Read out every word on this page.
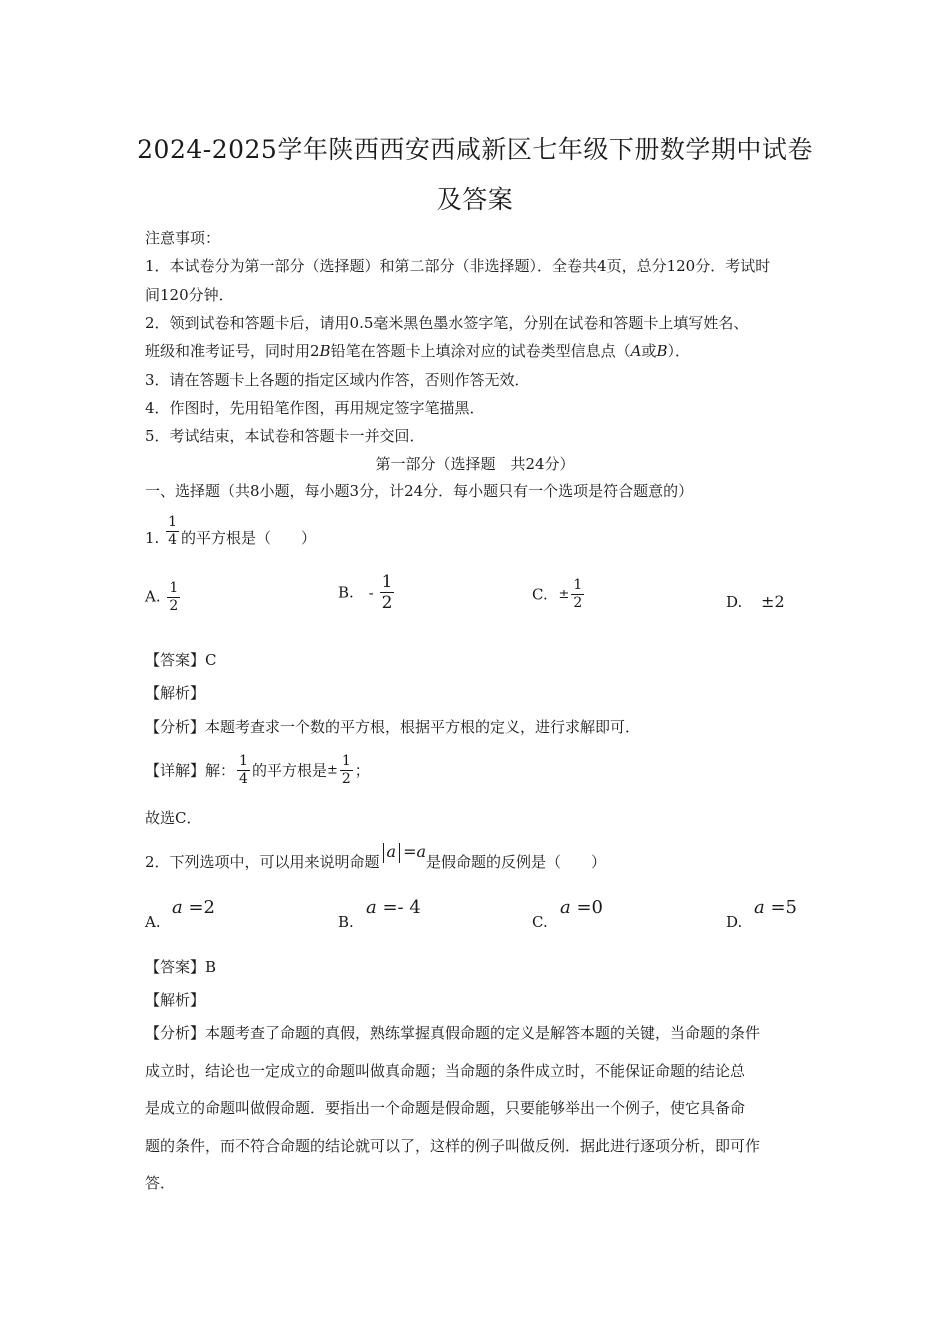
2024-2025学年陕西西安西咸新区七年级下册数学期中试卷
及答案
注意事项：
1．本试卷分为第一部分（选择题）和第二部分（非选择题）．全卷共4页，总分120分．考试时
间120分钟．
2．领到试卷和答题卡后，请用0.5毫米黑色墨水签字笔，分别在试卷和答题卡上填写姓名、
班级和准考证号，同时用2B铅笔在答题卡上填涂对应的试卷类型信息点（A或B）．
3．请在答题卡上各题的指定区域内作答，否则作答无效．
4．作图时，先用铅笔作图，再用规定签字笔描黑．
5．考试结束，本试卷和答题卡一并交回．
第一部分（选择题　共24分）
一、选择题（共8小题，每小题3分，计24分．每小题只有一个选项是符合题意的）
1. $\frac{1}{4}$ 的平方根是（　　）
A. $\frac{1}{2}$	B. - $\frac{1}{2}$	C. ± $\frac{1}{2}$	D. ±2
【答案】C
【解析】
【分析】本题考查求一个数的平方根，根据平方根的定义，进行求解即可．
【详解】解： $\frac{1}{4}$ 的平方根是± $\frac{1}{2}$ ；
故选C．
2．下列选项中，可以用来说明命题a =a是假命题的反例是（　　）
A.
a =2
B.
a =- 4
C.
a =0
D.
a =5
【答案】B
【解析】
【分析】本题考查了命题的真假，熟练掌握真假命题的定义是解答本题的关键，当命题的条件
成立时，结论也一定成立的命题叫做真命题；当命题的条件成立时，不能保证命题的结论总
是成立的命题叫做假命题．要指出一个命题是假命题，只要能够举出一个例子，使它具备命
题的条件，而不符合命题的结论就可以了，这样的例子叫做反例．据此进行逐项分析，即可作
答．
